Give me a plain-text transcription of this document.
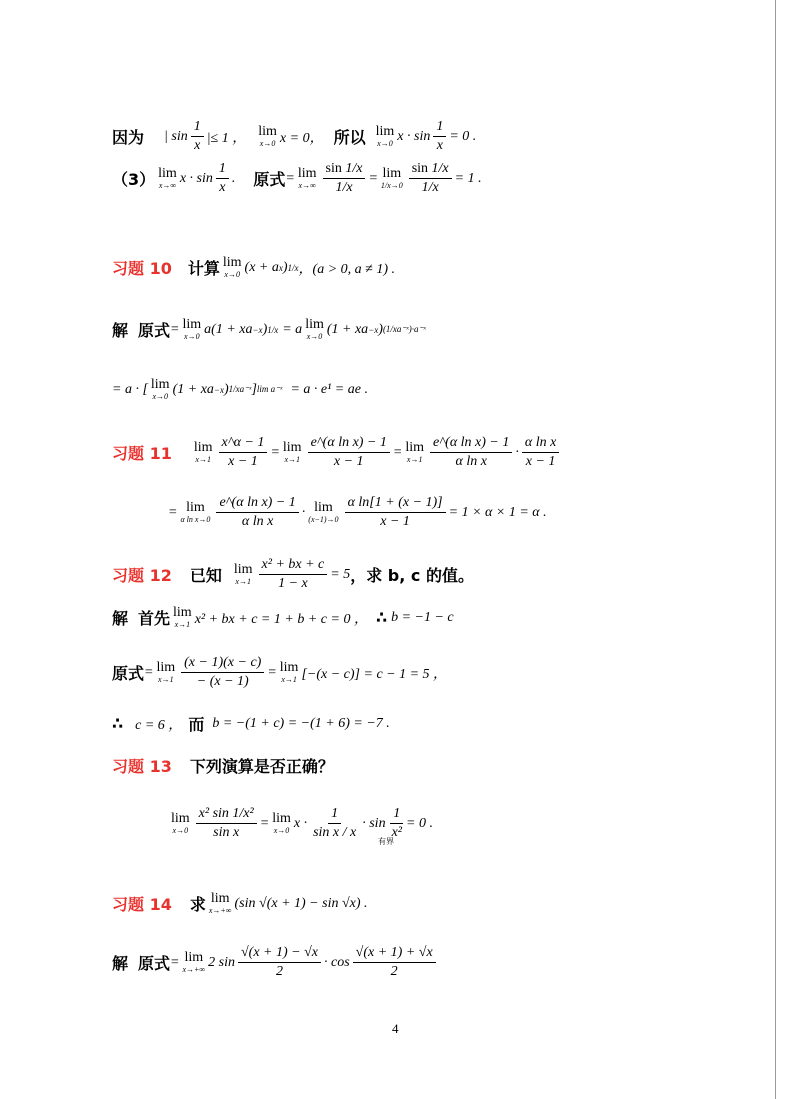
因为 | $\sin \frac{1}{x}$ |≤ 1 ， lim
x→0 x = 0， 所以 lim
x→0 $x \cdot \sin \frac{1}{x} = 0$ .
（3） lim
x→∞ $x \cdot \sin \frac{1}{x}$ . 原式 = lim
$x\to\infty \frac{\sin 1/x}{1/x} = \lim$
$1/x\to 0 \frac{\sin 1/x}{1/x} = 1$ .
习题 10 计算 lim
x→0 (x + a x ) 1/x ，(a > 0, a ≠ 1) .
解 原式 = lim
x→0 a(1 + xa −x ) 1/x = a lim
x→0 (1 + xa −x ) (1/xa⁻ˣ)·a⁻ˣ
= a · [ lim
x→0 (1 + xa −x ) 1/xa⁻ˣ ] lim a⁻ˣ = a · e¹ = ae .
习题 11 lim
$x\to 1 \frac{x\^{}\alpha - 1}{x - 1} = \lim$
$x\to 1 \frac{\text{e\textasciicircum{}(α ln x) − 1}}{x - 1} = \lim$
$x\to 1 \frac{\text{e\textasciicircum{}(α ln x) − 1}}{\text{α ln x}} \cdot \frac{\text{α ln x}}{x - 1}$
= lim
α $\ln x\to 0 \frac{\text{e\textasciicircum{}(α ln x) − 1}}{\text{α ln x}} \cdot \lim$
$(x-1)\to 0 \frac{\text{α ln[1 + (x − 1)]}}{x - 1} = 1 \times \alpha \times 1 = \alpha$ .
习题 12 已知 lim
$x\to 1 \frac{\text{x² + bx + c}}{1 - x} = 5$ ，求 b, c 的值。
解 首先 lim
x→1 x² + bx + c = 1 + b + c = 0 ， ∴ b = −1 − c
原式 = lim
$x\to 1 \frac{(x - 1)(x - c)}{- (x - 1)} = \lim$
x→1 [−(x − c)] = c − 1 = 5 ，
∴ c = 6 ， 而 b = −(1 + c) = −(1 + 6) = −7 .
习题 13 下列演算是否正确？
lim
$x\to 0 \frac{\text{x² sin 1/x²}}{\text{sin x}} = \lim$
x→0 $x \cdot \frac{1}{\text{sin x / x}} \cdot \sin \frac{1}{\text{x²}}$
有界
= 0 .
习题 14 求 lim
x→+∞ (sin √(x + 1) − sin √x) .
解 原式 = lim
x→+∞ 2 $\sin \frac{√(x + 1) - √x}{2} \cdot \cos \frac{√(x + 1) + √x}{2}$
4
